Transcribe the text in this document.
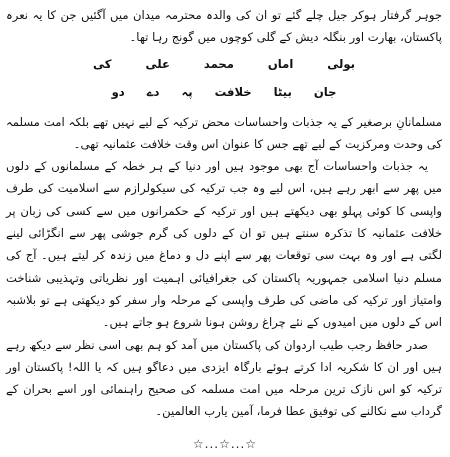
جوہر گرفتار ہوکر جیل چلے گئے تو ان کی والدہ محترمہ میدان میں آگئیں جن کا یہ نعرہ پاکستان، بھارت اور بنگلہ دیش کے گلی کوچوں میں گونج رہا تھا۔

بولی
اماں
محمد
علی
کی
جان
بیٹا
خلافت
پہ
دے
دو

مسلمانانِ برصغیر کے یہ جذبات واحساسات محض ترکیہ کے لیے نہیں تھے بلکہ امت مسلمہ کی وحدت ومرکزیت کے لیے تھے جس کا عنوان اس وقت خلافت عثمانیہ تھی۔

یہ جذبات واحساسات آج بھی موجود ہیں اور دنیا کے ہر خطہ کے مسلمانوں کے دلوں میں پھر سے ابھر رہے ہیں، اس لیے وہ جب ترکیہ کی سیکولرازم سے اسلامیت کی طرف واپسی کا کوئی پہلو بھی دیکھتے ہیں اور ترکیہ کے حکمرانوں میں سے کسی کی زبان پر خلافت عثمانیہ کا تذکرہ سنتے ہیں تو ان کے دلوں کی گرم جوشی پھر سے انگڑائی لینے لگتی ہے اور وہ بہت سی توقعات پھر سے اپنے دل و دماغ میں زندہ کر لیتے ہیں۔ آج کی مسلم دنیا اسلامی جمہوریہ پاکستان کی جغرافیائی اہمیت اور نظریاتی وتہذیبی شناخت وامتیاز اور ترکیہ کی ماضی کی طرف واپسی کے مرحلہ وار سفر کو دیکھتی ہے تو بلاشبہ اس کے دلوں میں امیدوں کے نئے چراغ روشن ہونا شروع ہو جاتے ہیں۔

صدر حافظ رجب طیب اردوان کی پاکستان میں آمد کو ہم بھی اسی نظر سے دیکھ رہے ہیں اور ان کا شکریہ ادا کرتے ہوئے بارگاہ ایزدی میں دعاگو ہیں کہ یا اللہ! پاکستان اور ترکیہ کو اس نازک ترین مرحلہ میں امت مسلمہ کی صحیح راہنمائی اور اسے بحران کے گرداب سے نکالنے کی توفیق عطا فرما، آمین یارب العالمین۔

☆...☆...☆
